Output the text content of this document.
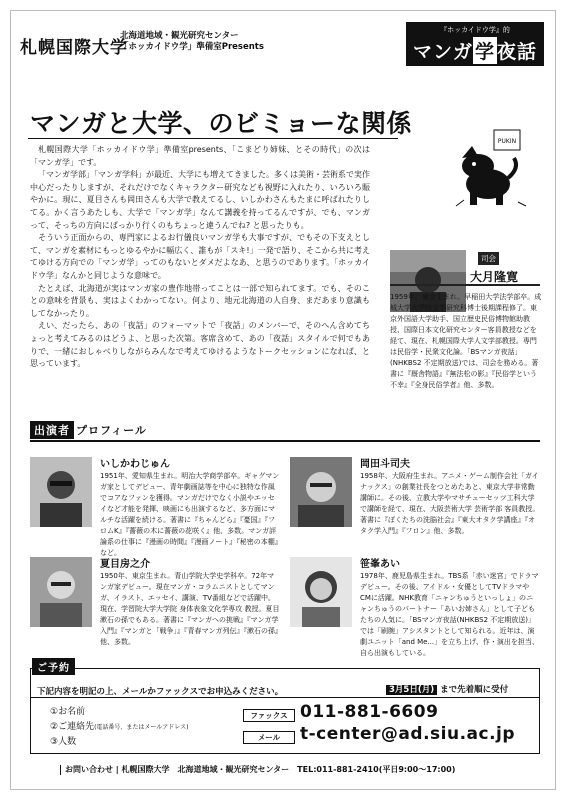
札幌国際大学
北海道地域・観光研究センター
「ホッカイドウ学」準備室Presents
『ホッカイドウ学』的
マンガ 学 夜話
マンガと大学、のビミョーな関係
PUKIN

札幌国際大学「ホッカイドウ学」準備室presents、「こまどり姉妹、とその時代」の次は「マンガ学」です。

「マンガ学部」「マンガ学科」が最近、大学にも増えてきました。多くは美術・芸術系で実作中心だったりしますが、それだけでなくキャラクター研究なども視野に入れたり、いろいろ賑やかに。現に、夏目さんも岡田さんも大学で教えてるし、いしかわさんもたまに呼ばれたりしてる。かく言うあたしも、大学で「マンガ学」なんて講義を持ってるんですが、でも、マンガって、そっちの方向にばっかり行くのもちょっと違うんでね? と思ったりも。

そういう正面からの、専門家によるお行儀良いマンガ学も大事ですが、でもその下支えとして、マンガを素材にもっとゆるやかに幅広く、誰もが「スキ!」一発で語り、そこから共に考えてゆける方向での「マンガ学」ってのもないとダメだよなあ、と思うのであります。「ホッカイドウ学」なんかと同じような意味で。

たとえば、北海道が実はマンガ家の豊作地帯ってことは一部で知られてます。でも、そのことの意味を背景も、実はよくわかってない。何より、地元北海道の人自身、まだあまり意識もしてなかったり。

えい、だったら、あの「夜話」のフォーマットで「夜話」のメンバーで、そのへん含めてちょっと考えてみるのはどうよ、と思った次第。客席含めて、あの「夜話」スタイルで何でもありで、一緒におしゃべりしながらみんなで考えてゆけるようなトークセッションになれば、と思っています。

司会
大月隆寛
1959年、東京生まれ。早稲田大学法学部卒。成城大学大学院文学研究科博士後期課程修了。東京外国語大学助手、国立歴史民俗博物館助教授、国際日本文化研究センター客員教授などを経て、現在、札幌国際大学人文学部教授。専門は民俗学・民衆文化論。「BSマンガ夜話」(NHKBS2 不定期放送)では、司会を務める。著書に『厩舎物語』『無法松の影』『民俗学という不幸』『全身民俗学者』他、多数。
出演者 プロフィール
いしかわじゅん
1951年、愛知県生まれ。明治大学商学部卒。ギャグマンガ家としてデビュー、青年劇画誌等を中心に独特な作風でコアなファンを獲得。マンガだけでなく小説やエッセイなど才能を発揮、映画にも出演するなど、多方面にマルチな活躍を続ける。著書に『ちゃんどら』『憂国』『フロムK』『薔薇の木に薔薇の花咲く』他、多数。マンガ評論系の仕事に『漫画の時間』『漫画ノート』『秘密の本棚』など。
岡田斗司夫
1958年、大阪府生まれ。アニメ・ゲーム制作会社「ガイナックス」の創業社長をつとめたあと、東京大学非常勤講師に。その後、立教大学やマサチューセッツ工科大学で講師を経て、現在、大阪芸術大学 芸術学部 客員教授。著書に『ぼくたちの洗脳社会』『東大オタク学講座』『オタク学入門』『フロン』他、多数。
夏目房之介
1950年、東京生まれ。青山学院大学史学科卒。72年マンガ家デビュー。現在マンガ・コラムニストとしてマンガ、イラスト、エッセイ、講演、TV番組などで活躍中。現在、学習院大学大学院 身体表象文化学専攻 教授。夏目漱石の孫でもある。著書に『マンガへの挑戦』『マンガ学入門』『マンガと「戦争」』『青春マンガ列伝』『漱石の孫』他、多数。
笹峯あい
1978年、鹿児島県生まれ。TBS系「赤い迷宮」でドラマデビュー。その後、アイドル・女優としてTVドラマやCMに活躍。NHK教育「ニャンちゅうといっしょ」のニャンちゅうのパートナー「あいお姉さん」として子どもたちの人気に。「BSマンガ夜話(NHKBS2 不定期放送)」では「刷腕」アシスタントとして知られる。近年は、演劇ユニット「and Me...」を立ち上げ、作・演出を担当、自ら出演もしている。
ご予約
下記内容を明記の上、メールかファックスでお申込みください。	3月5日(月) まで先着順に受付
①お名前
②ご連絡先(電話番号、またはメールアドレス)
③人数
ファックス 011-881-6609
メール	t-center@ad.siu.ac.jp
お問い合わせ | 札幌国際大学　北海道地域・観光研究センター　TEL:011-881-2410(平日9:00～17:00)
